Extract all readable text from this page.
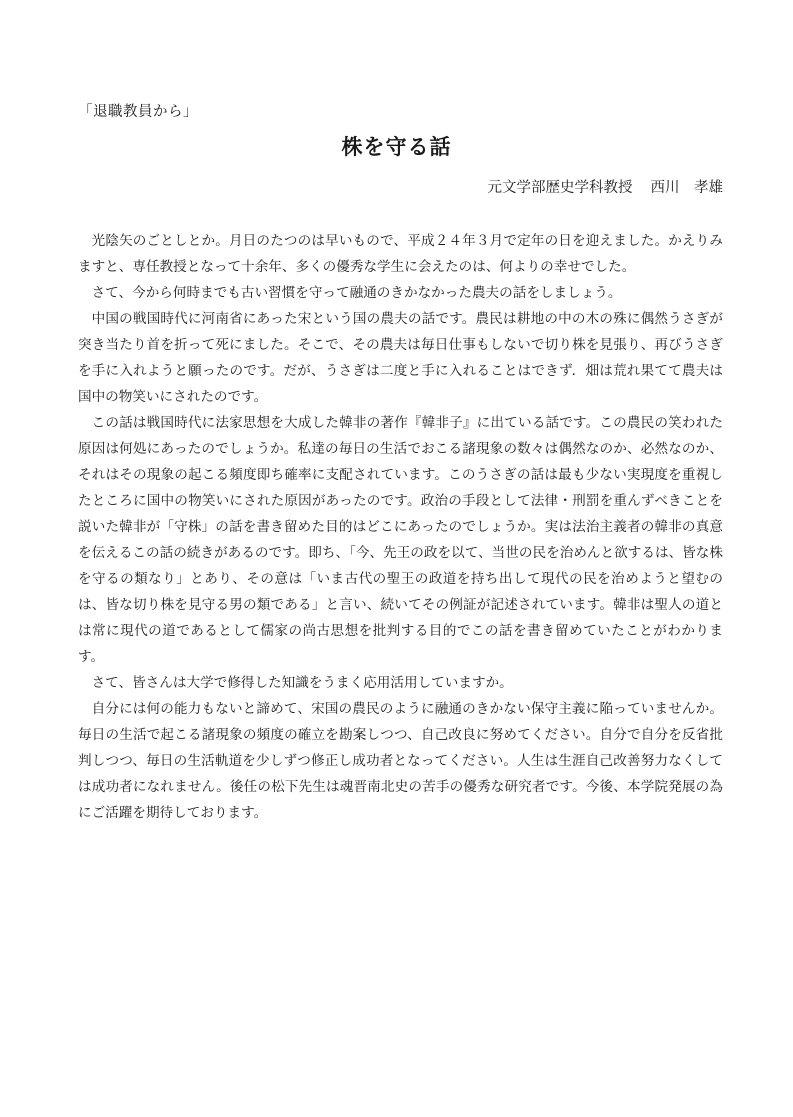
「退職教員から」
株を守る話
元文学部歴史学科教授 西川　孝雄

光陰矢のごとしとか。月日のたつのは早いもので、平成２４年３月で定年の日を迎えました。かえりみますと、専任教授となって十余年、多くの優秀な学生に会えたのは、何よりの幸せでした。

さて、今から何時までも古い習慣を守って融通のきかなかった農夫の話をしましょう。

中国の戦国時代に河南省にあった宋という国の農夫の話です。農民は耕地の中の木の殊に偶然うさぎが突き当たり首を折って死にました。そこで、その農夫は毎日仕事もしないで切り株を見張り、再びうさぎを手に入れようと願ったのです。だが、うさぎは二度と手に入れることはできず．畑は荒れ果てて農夫は国中の物笑いにされたのです。

この話は戦国時代に法家思想を大成した韓非の著作『韓非子』に出ている話です。この農民の笑われた原因は何処にあったのでしょうか。私達の毎日の生活でおこる諸現象の数々は偶然なのか、必然なのか、それはその現象の起こる頻度即ち確率に支配されています。このうさぎの話は最も少ない実現度を重視したところに国中の物笑いにされた原因があったのです。政治の手段として法律・刑罰を重んずべきことを説いた韓非が「守株」の話を書き留めた目的はどこにあったのでしょうか。実は法治主義者の韓非の真意を伝えるこの話の続きがあるのです。即ち、「今、先王の政を以て、当世の民を治めんと欲するは、皆な株を守るの類なり」とあり、その意は「いま古代の聖王の政道を持ち出して現代の民を治めようと望むのは、皆な切り株を見守る男の類である」と言い、続いてその例証が記述されています。韓非は聖人の道とは常に現代の道であるとして儒家の尚古思想を批判する目的でこの話を書き留めていたことがわかります。

さて、皆さんは大学で修得した知識をうまく応用活用していますか。

自分には何の能力もないと諦めて、宋国の農民のように融通のきかない保守主義に陥っていませんか。毎日の生活で起こる諸現象の頻度の確立を勘案しつつ、自己改良に努めてください。自分で自分を反省批判しつつ、毎日の生活軌道を少しずつ修正し成功者となってください。人生は生涯自己改善努力なくしては成功者になれません。後任の松下先生は魂晋南北史の苦手の優秀な研究者です。今後、本学院発展の為にご活躍を期待しております。
